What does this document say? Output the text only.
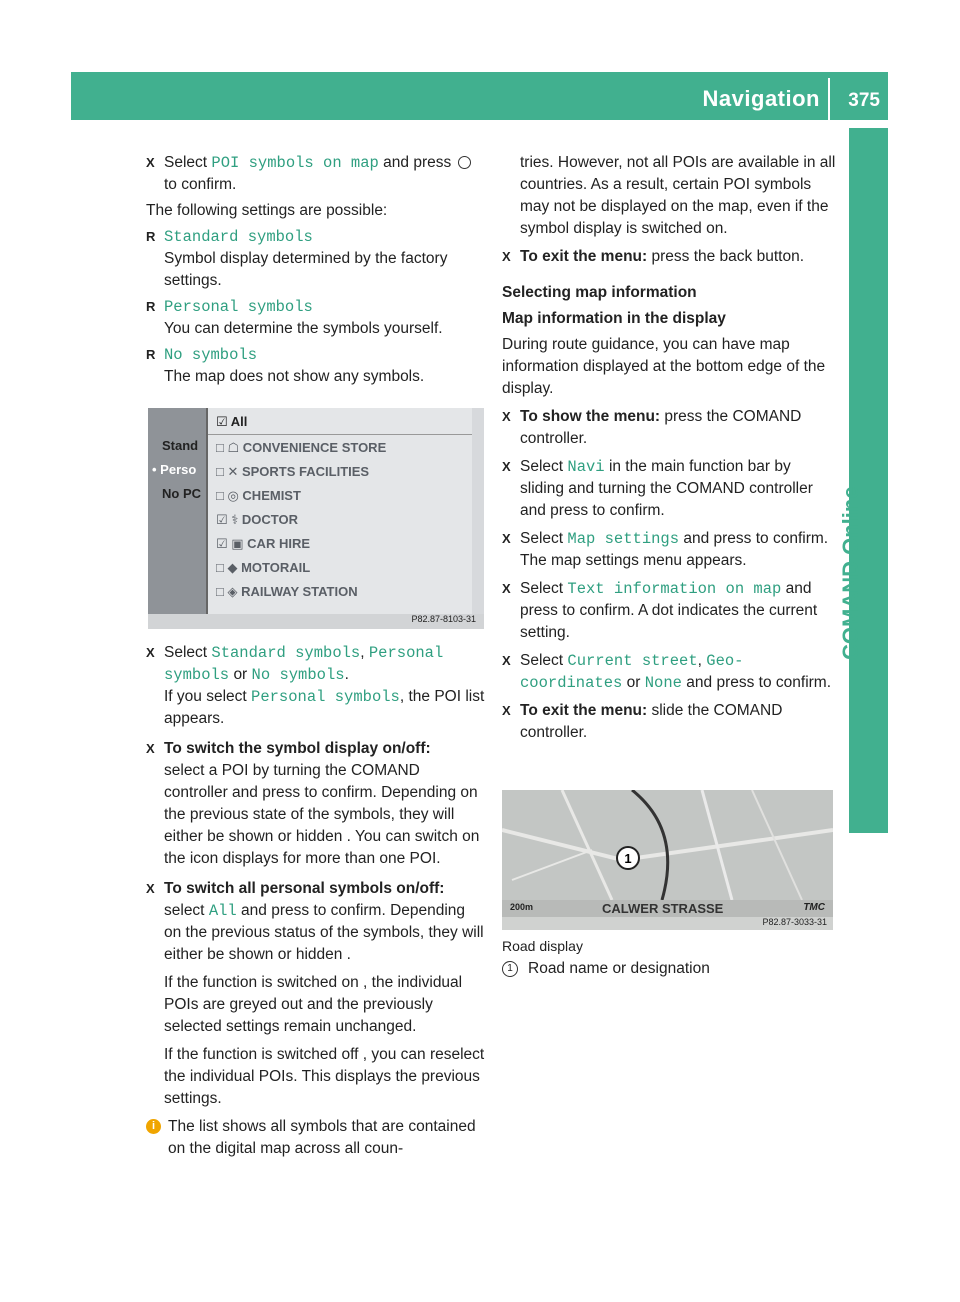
Navigation 375
COMAND Online

X Select POI symbols on map and press  to confirm.

The following settings are possible:

R Standard symbols
Symbol display determined by the factory settings.
R Personal symbols
You can determine the symbols yourself.
R No symbols
The map does not show any symbols.
Stand
• Perso
No PC
☑ All
□ ☖ CONVENIENCE STORE
□ ✕ SPORTS FACILITIES
□ ◎ CHEMIST
☑ ⚕ DOCTOR
☑ ▣ CAR HIRE
□ ◆ MOTORAIL
□ ◈ RAILWAY STATION
P82.87-8103-31

X Select Standard symbols, Personal symbols or No symbols.
If you select Personal symbols, the POI list appears.

X To switch the symbol display on/off:
select a POI by turning the COMAND controller and press to confirm. Depending on the previous state of the symbols, they will either be shown or hidden . You can switch on the icon displays for more than one POI.

X To switch all personal symbols on/off:
select All and press to confirm. Depending on the previous status of the symbols, they will either be shown or hidden .

If the function is switched on , the individual POIs are greyed out and the previously selected settings remain unchanged.

If the function is switched off , you can reselect the individual POIs. This displays the previous settings.

i The list shows all symbols that are contained on the digital map across all coun-

tries. However, not all POIs are available in all countries. As a result, certain POI symbols may not be displayed on the map, even if the symbol display is switched on.

X To exit the menu: press the back button.

Selecting map information

Map information in the display

During route guidance, you can have map information displayed at the bottom edge of the display.

X To show the menu: press the COMAND controller.

X Select Navi in the main function bar by sliding and turning the COMAND controller and press to confirm.

X Select Map settings and press to confirm. The map settings menu appears.

X Select Text information on map and press to confirm. A dot indicates the current setting.

X Select Current street, Geo-coordinates or None and press to confirm.

X To exit the menu: slide the COMAND controller.

1
200m	CALWER STRASSE	TMC
P82.87-3033-31
Road display
1 Road name or designation
